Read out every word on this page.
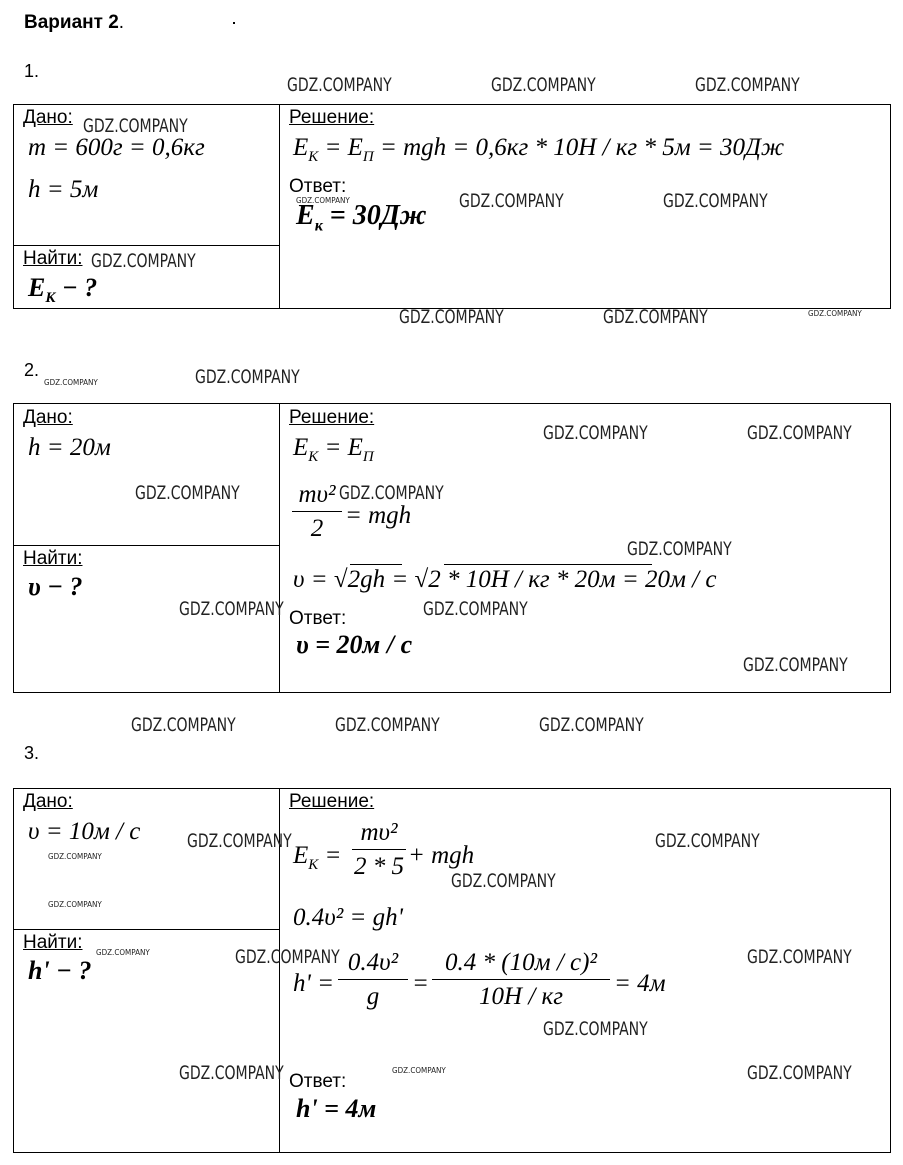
Вариант 2.
1.
Дано:
m = 600г = 0,6кг
h = 5м
Найти:
$E_К$ − ?
Решение:
$E_К = E_П$ = mgh = 0,6кг * 10Н / кг * 5м = 30Дж
Ответ:
$E_к = 30Дж$
2.
Дано:
h = 20м
Найти:
υ − ?
Решение:
$E_К = E_П$
mυ²
2 = mgh
υ = √2gh = √2 * 10Н / кг * 20м = 20м / с
Ответ:
υ = 20м / с
3.
Дано:
υ = 10м / с
Найти:
h' − ?
Решение:
$E_К$ =
mυ²
2 * 5 + mgh
0.4υ² = gh'
h' =
0.4υ²
g =
0.4 * (10м / с)²
10Н / кг = 4м
Ответ:
h' = 4м
GDZ.COMPANY	GDZ.COMPANY	GDZ.COMPANY
GDZ.COMPANY
GDZ.COMPANY	GDZ.COMPANY	GDZ.COMPANY
GDZ.COMPANY
GDZ.COMPANY	GDZ.COMPANY	GDZ.COMPANY
GDZ.COMPANY	GDZ.COMPANY
GDZ.COMPANY	GDZ.COMPANY
GDZ.COMPANY	GDZ.COMPANY
GDZ.COMPANY
GDZ.COMPANY	GDZ.COMPANY
GDZ.COMPANY
GDZ.COMPANY	GDZ.COMPANY	GDZ.COMPANY
GDZ.COMPANY	GDZ.COMPANY
GDZ.COMPANY
GDZ.COMPANY
GDZ.COMPANY
GDZ.COMPANY	GDZ.COMPANY	GDZ.COMPANY
GDZ.COMPANY
GDZ.COMPANY	GDZ.COMPANY	GDZ.COMPANY
